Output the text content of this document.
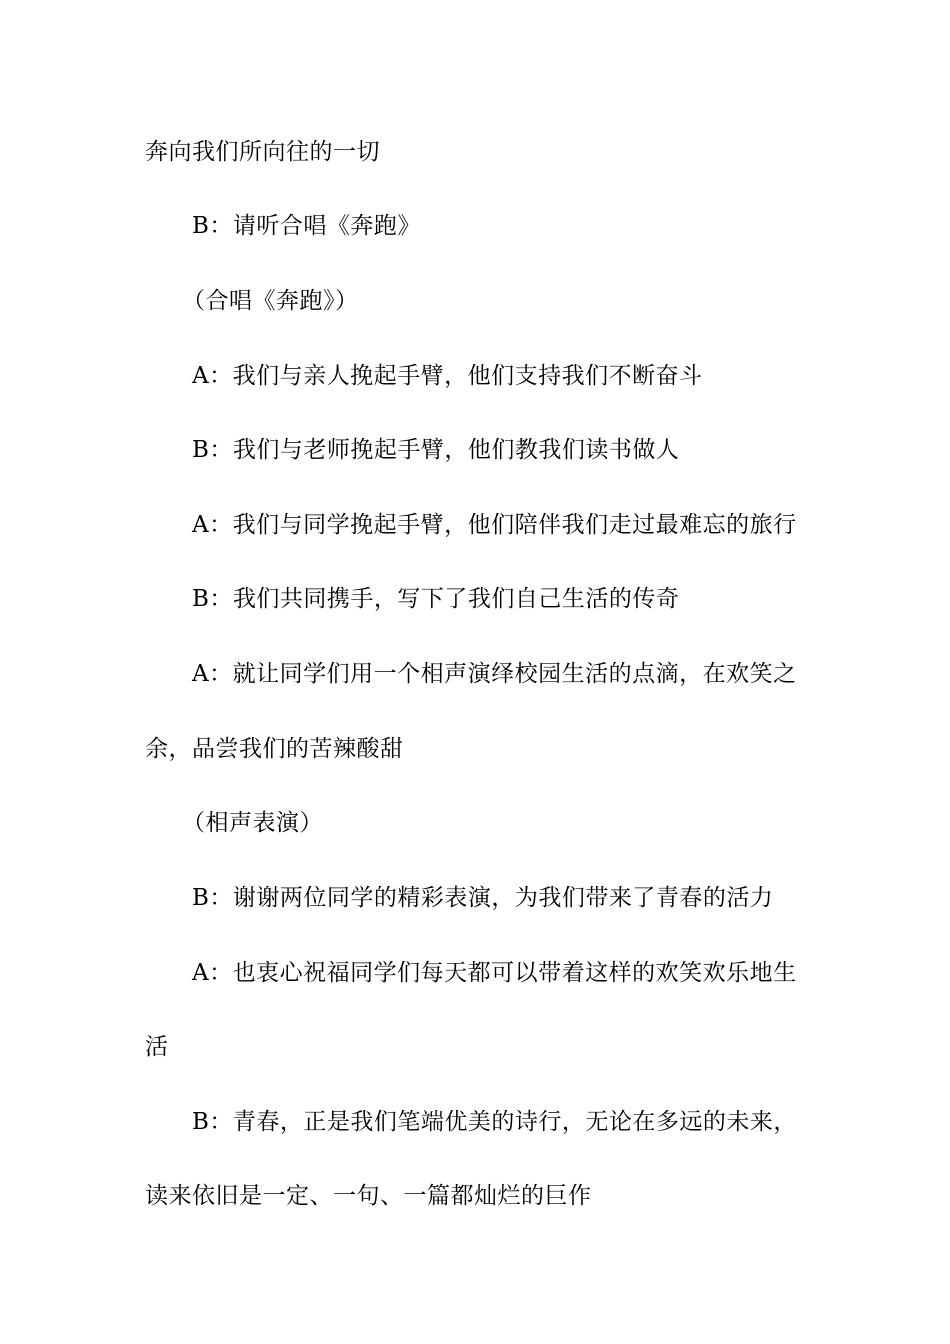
奔向我们所向往的一切
B：请听合唱《奔跑》
（合唱《奔跑》）
A：我们与亲人挽起手臂，他们支持我们不断奋斗
B：我们与老师挽起手臂，他们教我们读书做人
A：我们与同学挽起手臂，他们陪伴我们走过最难忘的旅行
B：我们共同携手，写下了我们自己生活的传奇
A：就让同学们用一个相声演绎校园生活的点滴，在欢笑之
余，品尝我们的苦辣酸甜
（相声表演）
B：谢谢两位同学的精彩表演，为我们带来了青春的活力
A：也衷心祝福同学们每天都可以带着这样的欢笑欢乐地生
活
B：青春，正是我们笔端优美的诗行，无论在多远的未来，
读来依旧是一定、一句、一篇都灿烂的巨作
